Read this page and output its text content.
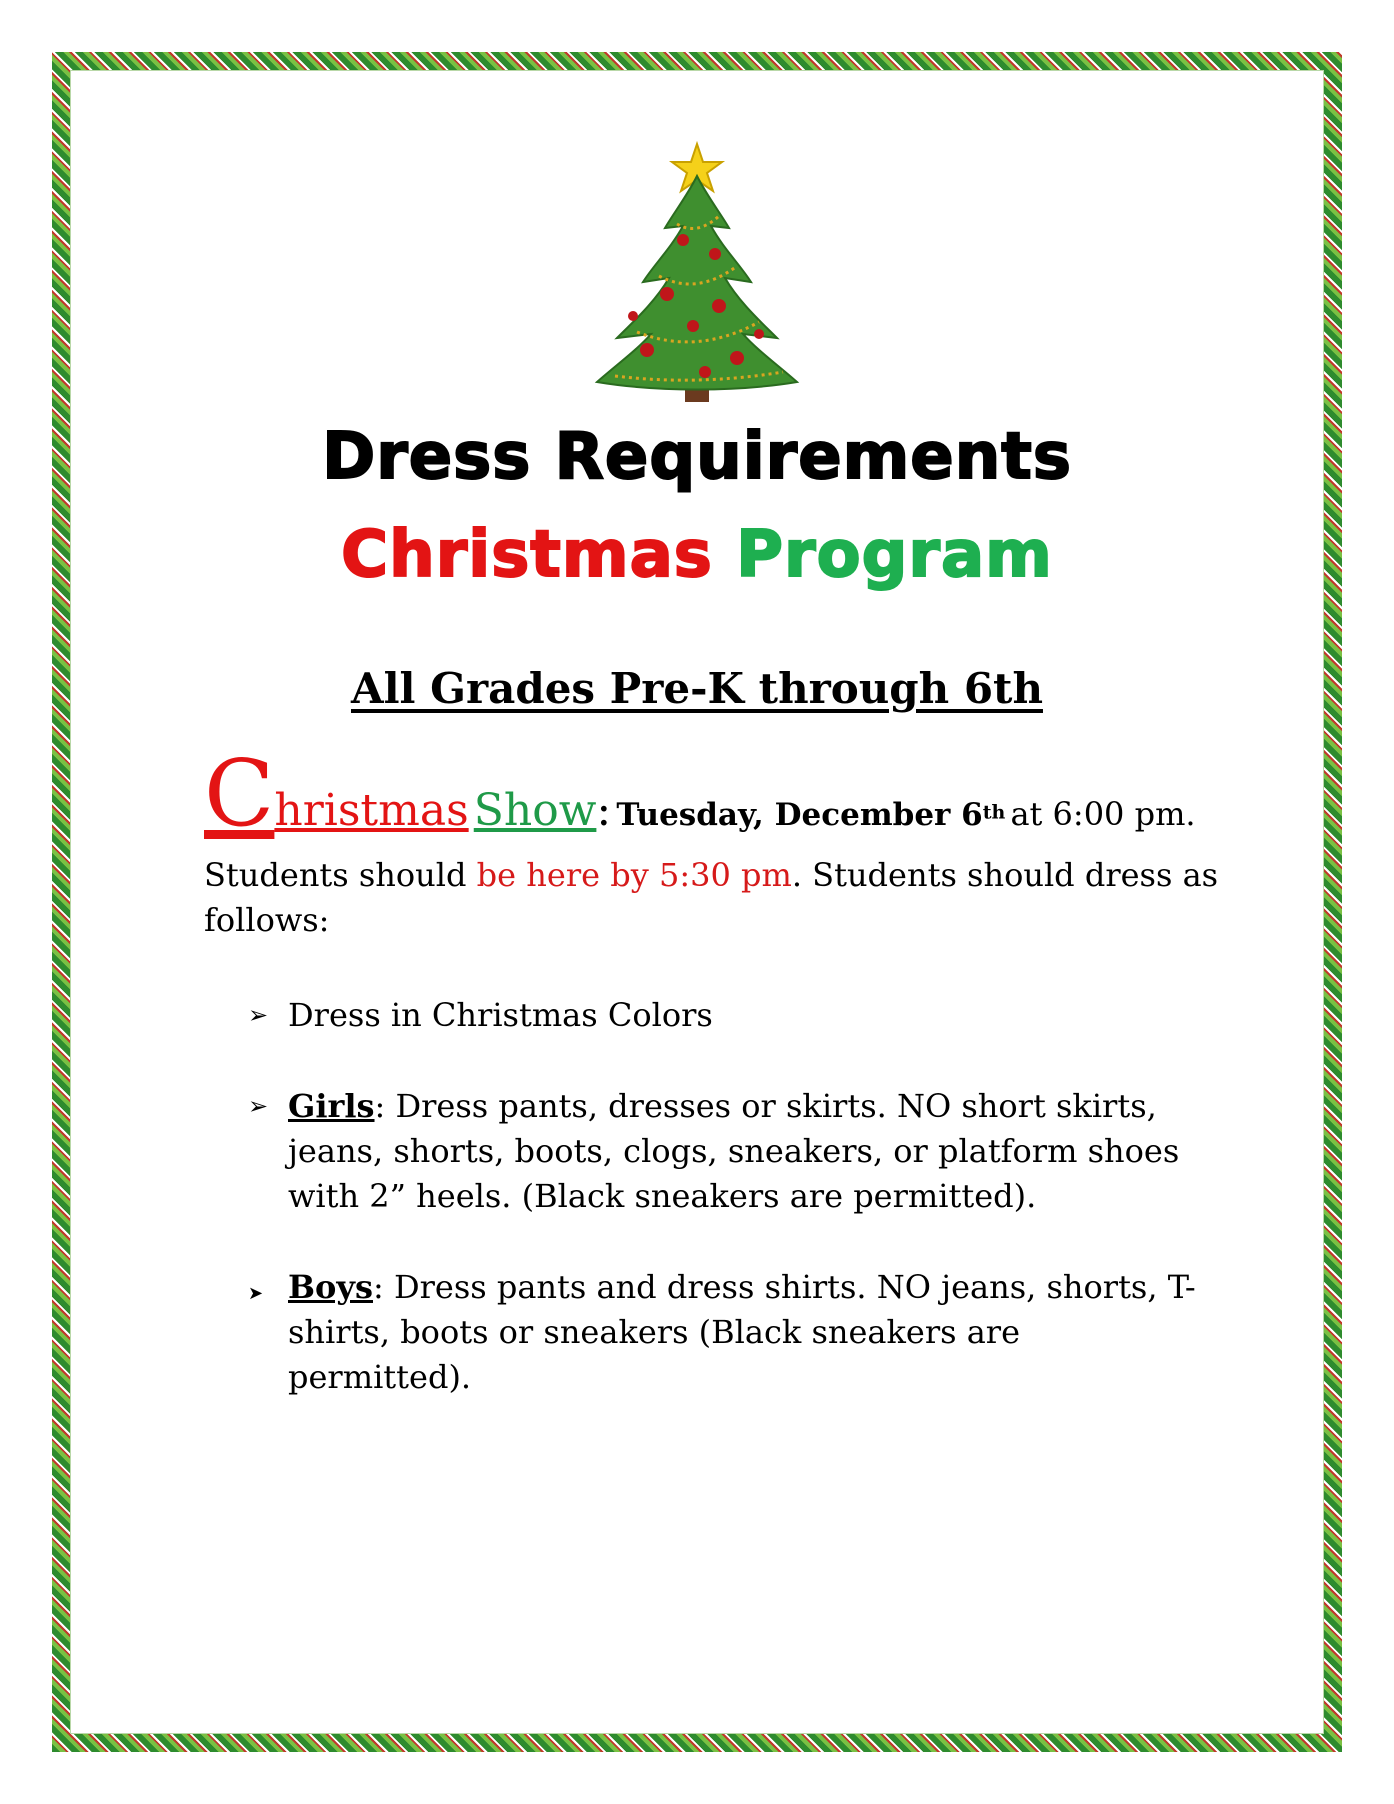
Dress Requirements
Christmas Program
All Grades Pre-K through 6th
Christmas Show: Tuesday, December 6th at 6:00 pm.
Students should be here by 5:30 pm. Students should dress as follows:
➢ Dress in Christmas Colors
➢ Girls: Dress pants, dresses or skirts. NO short skirts, jeans, shorts, boots, clogs, sneakers, or platform shoes with 2” heels. (Black sneakers are permitted).
➤ Boys: Dress pants and dress shirts. NO jeans, shorts, T-shirts, boots or sneakers (Black sneakers are permitted).
